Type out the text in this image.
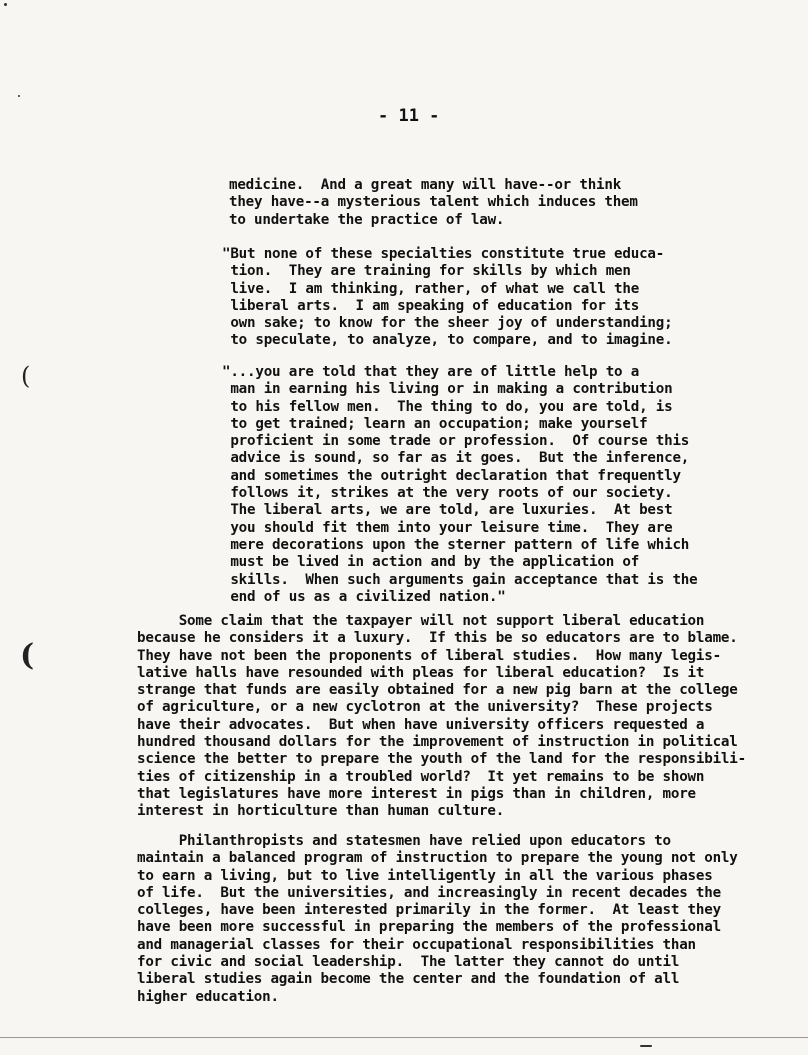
- 11 -
medicine.  And a great many will have--or think
they have--a mysterious talent which induces them
to undertake the practice of law.
"But none of these specialties constitute true educa-
tion.  They are training for skills by which men
live.  I am thinking, rather, of what we call the
liberal arts.  I am speaking of education for its
own sake; to know for the sheer joy of understanding;
to speculate, to analyze, to compare, and to imagine.
"...you are told that they are of little help to a
man in earning his living or in making a contribution
to his fellow men.  The thing to do, you are told, is
to get trained; learn an occupation; make yourself
proficient in some trade or profession.  Of course this
advice is sound, so far as it goes.  But the inference,
and sometimes the outright declaration that frequently
follows it, strikes at the very roots of our society.
The liberal arts, we are told, are luxuries.  At best
you should fit them into your leisure time.  They are
mere decorations upon the sterner pattern of life which
must be lived in action and by the application of
skills.  When such arguments gain acceptance that is the
end of us as a civilized nation."
Some claim that the taxpayer will not support liberal education
because he considers it a luxury.  If this be so educators are to blame.
They have not been the proponents of liberal studies.  How many legis-
lative halls have resounded with pleas for liberal education?  Is it
strange that funds are easily obtained for a new pig barn at the college
of agriculture, or a new cyclotron at the university?  These projects
have their advocates.  But when have university officers requested a
hundred thousand dollars for the improvement of instruction in political
science the better to prepare the youth of the land for the responsibili-
ties of citizenship in a troubled world?  It yet remains to be shown
that legislatures have more interest in pigs than in children, more
interest in horticulture than human culture.
Philanthropists and statesmen have relied upon educators to
maintain a balanced program of instruction to prepare the young not only
to earn a living, but to live intelligently in all the various phases
of life.  But the universities, and increasingly in recent decades the
colleges, have been interested primarily in the former.  At least they
have been more successful in preparing the members of the professional
and managerial classes for their occupational responsibilities than
for civic and social leadership.  The latter they cannot do until
liberal studies again become the center and the foundation of all
higher education.
(
(
